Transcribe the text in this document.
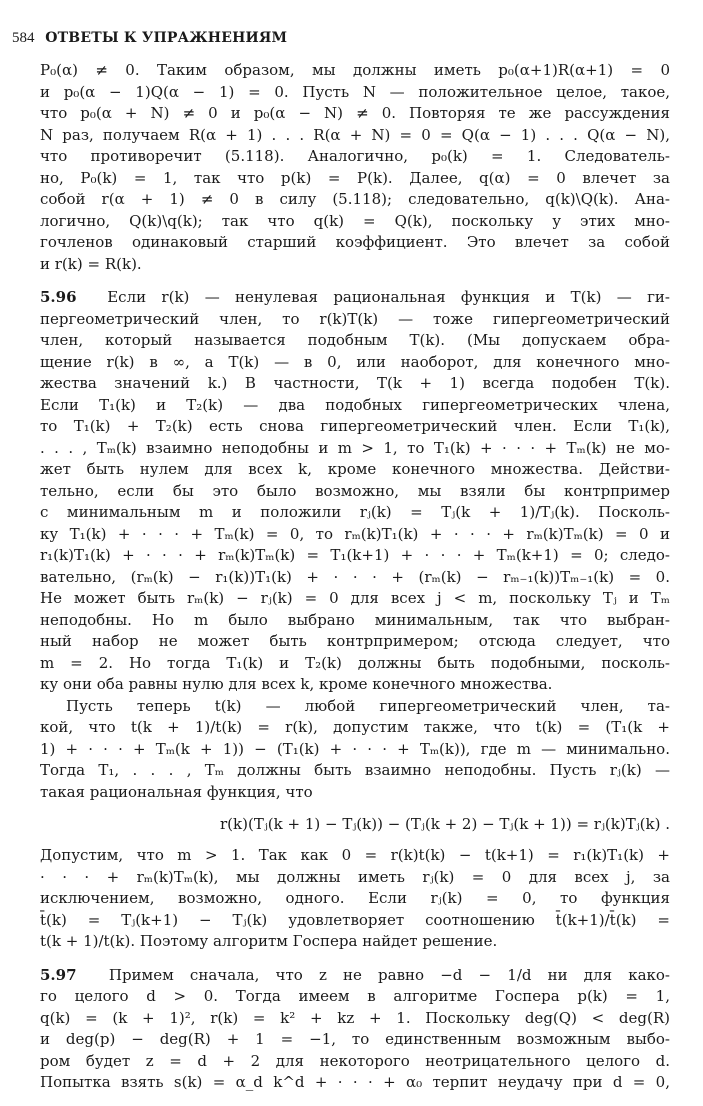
584 ОТВЕТЫ К УПРАЖНЕНИЯМ
P₀(α) ≠ 0. Таким образом, мы должны иметь p₀(α+1)R(α+1) = 0
и p₀(α − 1)Q(α − 1) = 0. Пусть N — положительное целое, такое,
что p₀(α + N) ≠ 0 и p₀(α − N) ≠ 0. Повторяя те же рассуждения
N раз, получаем R(α + 1) . . . R(α + N) = 0 = Q(α − 1) . . . Q(α − N),
что противоречит (5.118). Аналогично, p₀(k) = 1. Следователь-
но, P₀(k) = 1, так что p(k) = P(k). Далее, q(α) = 0 влечет за
собой r(α + 1) ≠ 0 в силу (5.118); следовательно, q(k)\Q(k). Ана-
логично, Q(k)\q(k); так что q(k) = Q(k), поскольку у этих мно-
гочленов одинаковый старший коэффициент. Это влечет за собой
и r(k) = R(k).
5.96 Если r(k) — ненулевая рациональная функция и T(k) — ги-
пергеометрический член, то r(k)T(k) — тоже гипергеометрический
член, который называется подобным T(k). (Мы допускаем обра-
щение r(k) в ∞, а T(k) — в 0, или наоборот, для конечного мно-
жества значений k.) В частности, T(k + 1) всегда подобен T(k).
Если T₁(k) и T₂(k) — два подобных гипергеометрических члена,
то T₁(k) + T₂(k) есть снова гипергеометрический член. Если T₁(k),
. . . , Tₘ(k) взаимно неподобны и m > 1, то T₁(k) + · · · + Tₘ(k) не мо-
жет быть нулем для всех k, кроме конечного множества. Действи-
тельно, если бы это было возможно, мы взяли бы контрпример
с минимальным m и положили rⱼ(k) = Tⱼ(k + 1)/Tⱼ(k). Посколь-
ку T₁(k) + · · · + Tₘ(k) = 0, то rₘ(k)T₁(k) + · · · + rₘ(k)Tₘ(k) = 0 и
r₁(k)T₁(k) + · · · + rₘ(k)Tₘ(k) = T₁(k+1) + · · · + Tₘ(k+1) = 0; следо-
вательно, (rₘ(k) − r₁(k))T₁(k) + · · · + (rₘ(k) − rₘ₋₁(k))Tₘ₋₁(k) = 0.
Не может быть rₘ(k) − rⱼ(k) = 0 для всех j < m, поскольку Tⱼ и Tₘ
неподобны. Но m было выбрано минимальным, так что выбран-
ный набор не может быть контрпримером; отсюда следует, что
m = 2. Но тогда T₁(k) и T₂(k) должны быть подобными, посколь-
ку они оба равны нулю для всех k, кроме конечного множества.
Пусть теперь t(k) — любой гипергеометрический член, та-
кой, что t(k + 1)/t(k) = r(k), допустим также, что t(k) = (T₁(k +
1) + · · · + Tₘ(k + 1)) − (T₁(k) + · · · + Tₘ(k)), где m — минимально.
Тогда T₁, . . . , Tₘ должны быть взаимно неподобны. Пусть rⱼ(k) —
такая рациональная функция, что
r(k)(Tⱼ(k + 1) − Tⱼ(k)) − (Tⱼ(k + 2) − Tⱼ(k + 1)) = rⱼ(k)Tⱼ(k) .
Допустим, что m > 1. Так как 0 = r(k)t(k) − t(k+1) = r₁(k)T₁(k) +
· · · + rₘ(k)Tₘ(k), мы должны иметь rⱼ(k) = 0 для всех j, за
исключением, возможно, одного. Если rⱼ(k) = 0, то функция
t̄(k) = Tⱼ(k+1) − Tⱼ(k) удовлетворяет соотношению t̄(k+1)/t̄(k) =
t(k + 1)/t(k). Поэтому алгоритм Госпера найдет решение.
5.97 Примем сначала, что z не равно −d − 1/d ни для како-
го целого d > 0. Тогда имеем в алгоритме Госпера p(k) = 1,
q(k) = (k + 1)², r(k) = k² + kz + 1. Поскольку deg(Q) < deg(R)
и deg(p) − deg(R) + 1 = −1, то единственным возможным выбо-
ром будет z = d + 2 для некоторого неотрицательного целого d.
Попытка взять s(k) = α_d k^d + · · · + α₀ терпит неудачу при d = 0,
